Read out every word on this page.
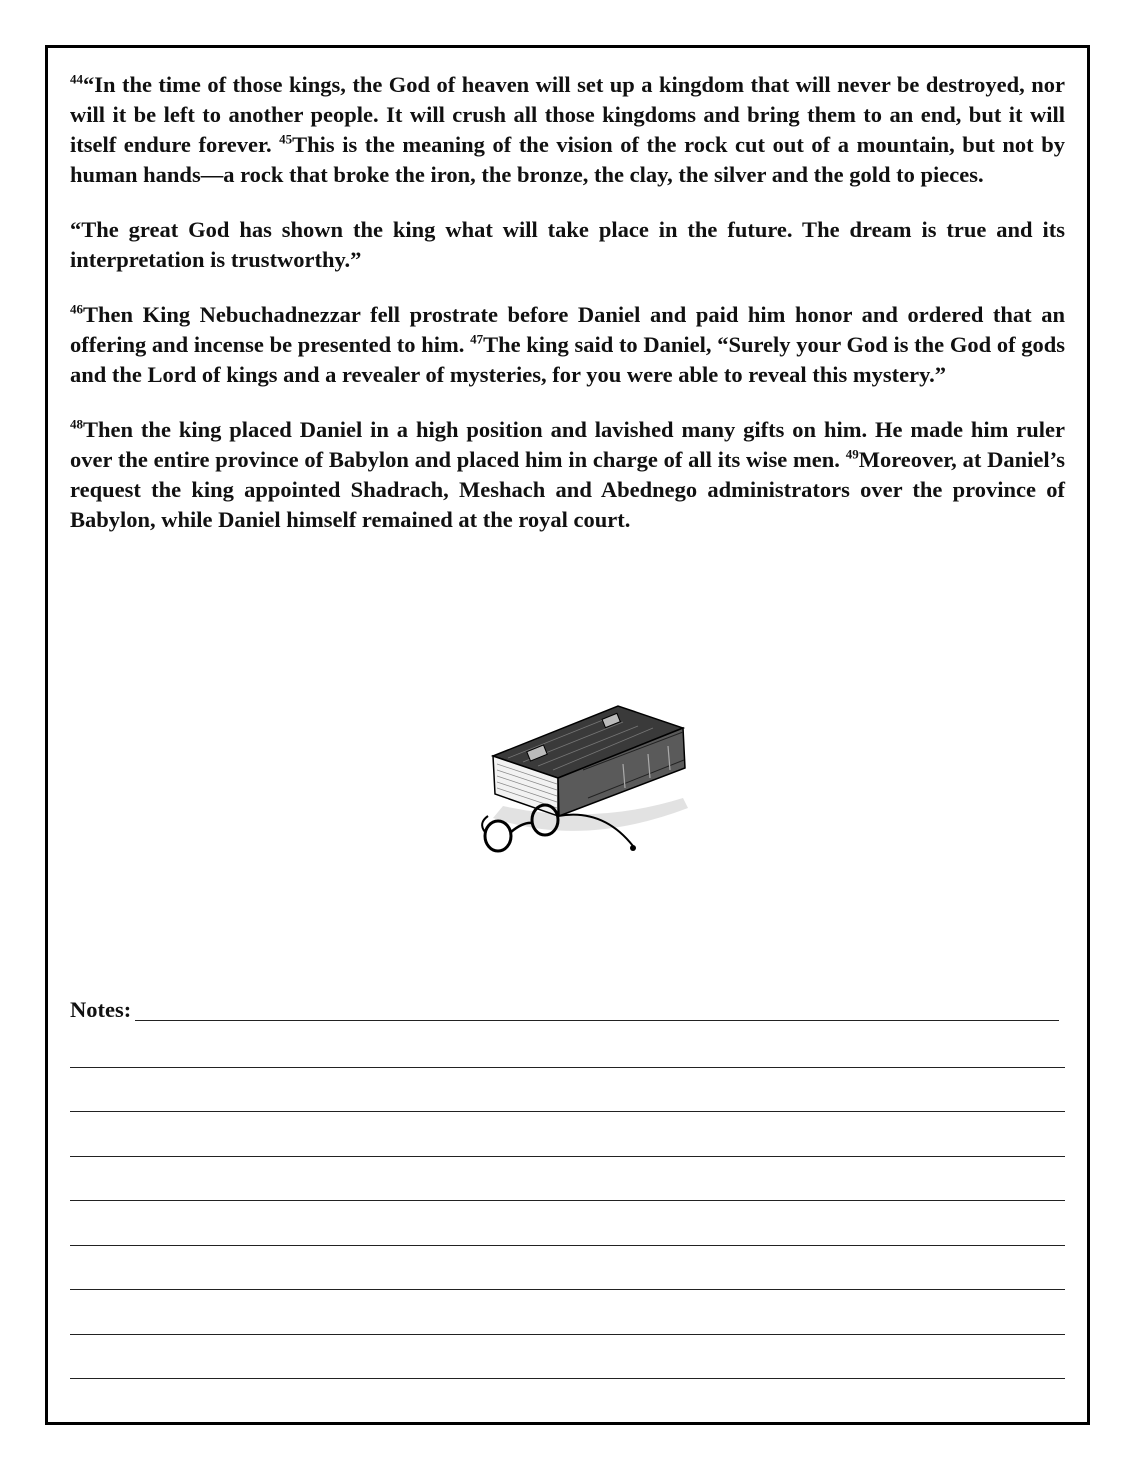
$^{44}$“In the time of those kings, the God of heaven will set up a kingdom that will never be destroyed, nor will it be left to another people. It will crush all those kingdoms and bring them to an end, but it will itself endure forever. $^{45}$This is the meaning of the vision of the rock cut out of a mountain, but not by human hands—a rock that broke the iron, the bronze, the clay, the silver and the gold to pieces.

“The great God has shown the king what will take place in the future. The dream is true and its interpretation is trustworthy.”

$^{46}$Then King Nebuchadnezzar fell prostrate before Daniel and paid him honor and ordered that an offering and incense be presented to him. $^{47}$The king said to Daniel, “Surely your God is the God of gods and the Lord of kings and a revealer of mysteries, for you were able to reveal this mystery.”

$^{48}$Then the king placed Daniel in a high position and lavished many gifts on him. He made him ruler over the entire province of Babylon and placed him in charge of all its wise men. $^{49}$Moreover, at Daniel’s request the king appointed Shadrach, Meshach and Abednego administrators over the province of Babylon, while Daniel himself remained at the royal court.

Notes:
